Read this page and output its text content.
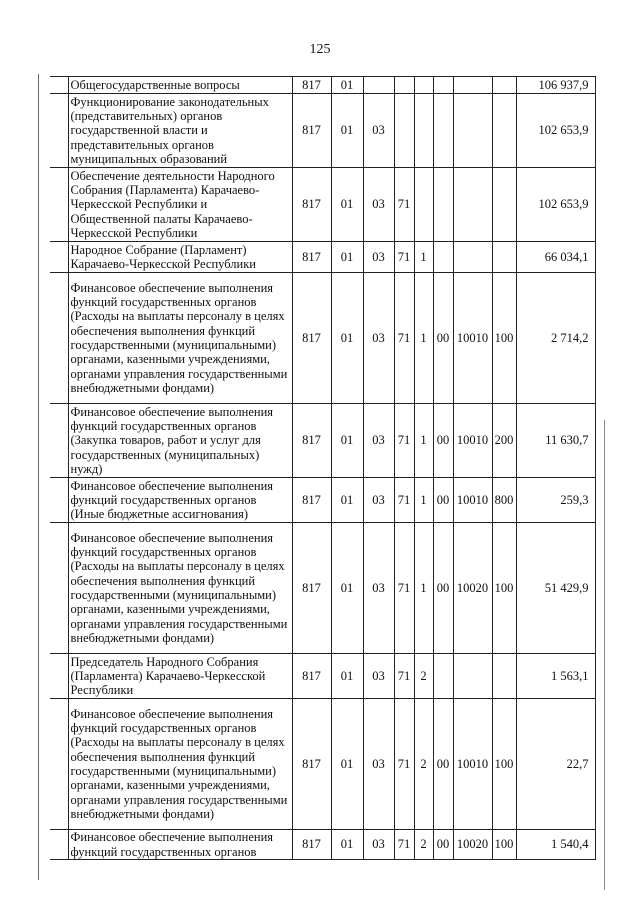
125
	Общегосударственные вопросы	817	01							106 937,9
	Функционирование законодательных (представительных) органов государственной власти и представительных органов муниципальных образований	817	01	03						102 653,9
	Обеспечение деятельности Народного Собрания (Парламента) Карачаево-Черкесской Республики и Общественной палаты Карачаево-Черкесской Республики	817	01	03	71					102 653,9
	Народное Собрание (Парламент) Карачаево-Черкесской Республики	817	01	03	71	1				66 034,1
	Финансовое обеспечение выполнения функций государственных органов (Расходы на выплаты персоналу в целях обеспечения выполнения функций государственными (муниципальными) органами, казенными учреждениями, органами управления государственными внебюджетными фондами)	817	01	03	71	1	00	10010	100	2 714,2
	Финансовое обеспечение выполнения функций государственных органов (Закупка товаров, работ и услуг для государственных (муниципальных) нужд)	817	01	03	71	1	00	10010	200	11 630,7
	Финансовое обеспечение выполнения функций государственных органов (Иные бюджетные ассигнования)	817	01	03	71	1	00	10010	800	259,3
	Финансовое обеспечение выполнения функций государственных органов (Расходы на выплаты персоналу в целях обеспечения выполнения функций государственными (муниципальными) органами, казенными учреждениями, органами управления государственными внебюджетными фондами)	817	01	03	71	1	00	10020	100	51 429,9
	Председатель Народного Собрания (Парламента) Карачаево-Черкесской Республики	817	01	03	71	2				1 563,1
	Финансовое обеспечение выполнения функций государственных органов (Расходы на выплаты персоналу в целях обеспечения выполнения функций государственными (муниципальными) органами, казенными учреждениями, органами управления государственными внебюджетными фондами)	817	01	03	71	2	00	10010	100	22,7
	Финансовое обеспечение выполнения функций государственных органов	817	01	03	71	2	00	10020	100	1 540,4
